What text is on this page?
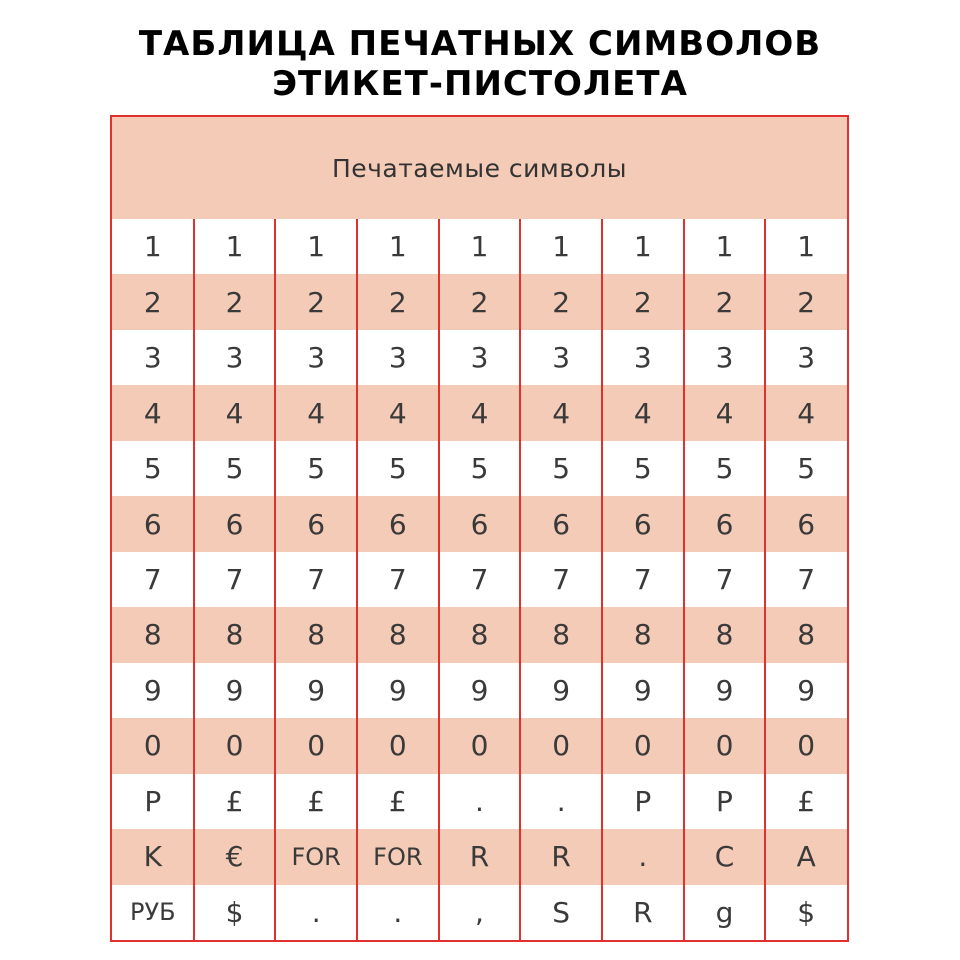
ТАБЛИЦА ПЕЧАТНЫХ СИМВОЛОВ
ЭТИКЕТ-ПИСТОЛЕТА
Печатаемые символы
1	1	1	1	1	1	1	1	1
2	2	2	2	2	2	2	2	2
3	3	3	3	3	3	3	3	3
4	4	4	4	4	4	4	4	4
5	5	5	5	5	5	5	5	5
6	6	6	6	6	6	6	6	6
7	7	7	7	7	7	7	7	7
8	8	8	8	8	8	8	8	8
9	9	9	9	9	9	9	9	9
0	0	0	0	0	0	0	0	0
P	£	£	£	.	.	P	P	£
K	€	FOR	FOR	R	R	.	C	A
РУБ	$	.	.	,	S	R	g	$
